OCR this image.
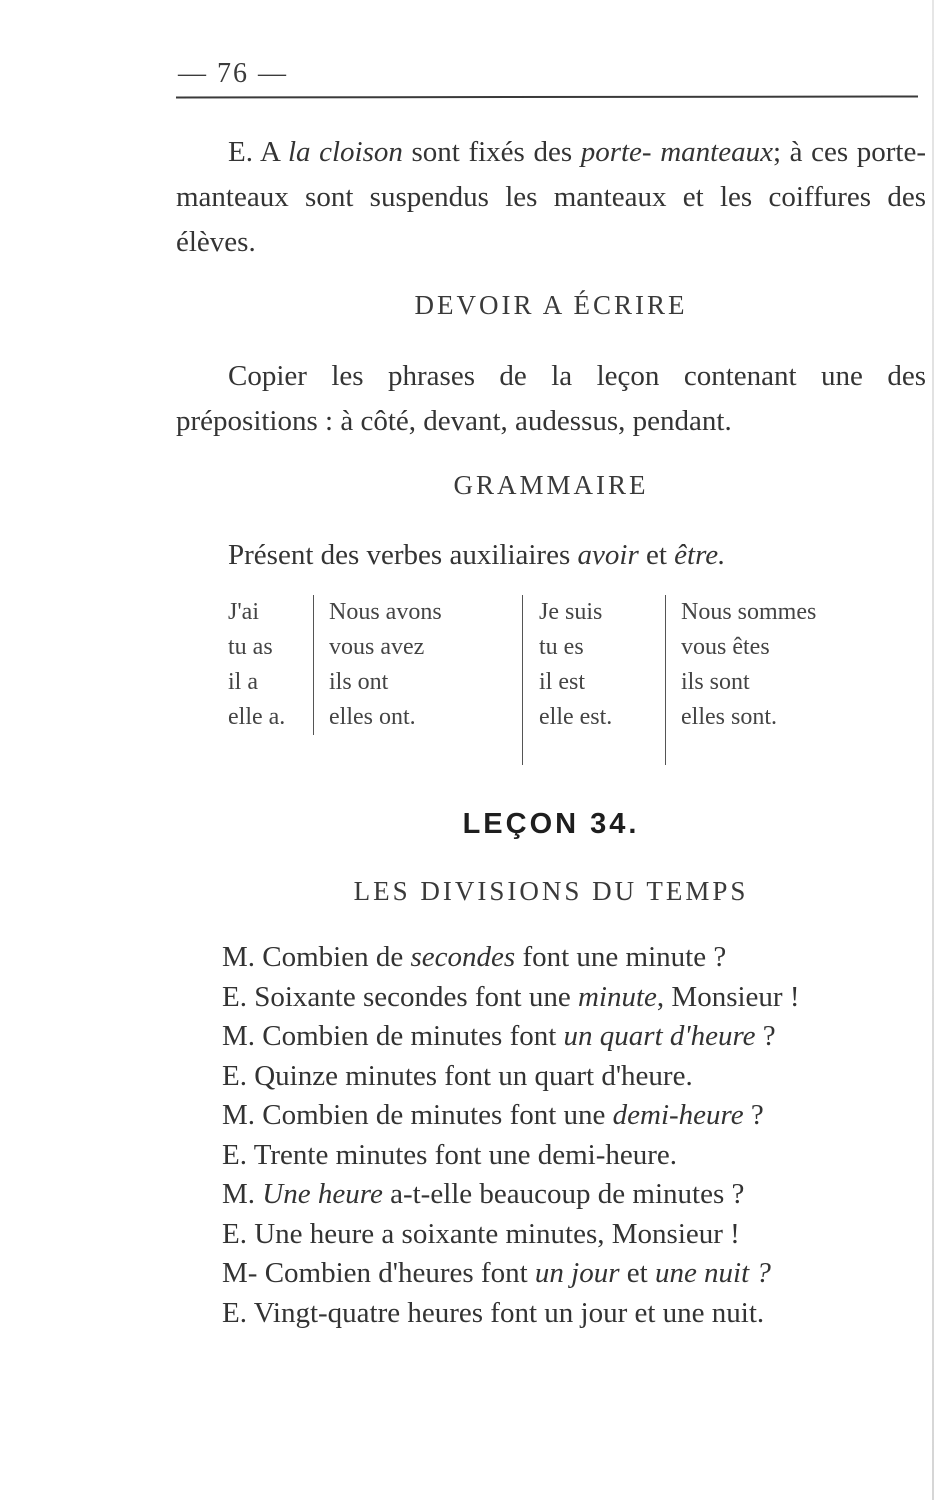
— 76 —

E. A la cloison sont fixés des porte- manteaux; à ces porte-manteaux sont suspendus les manteaux et les coiffures des élèves.

DEVOIR A ÉCRIRE

Copier les phrases de la leçon contenant une des prépositions : à côté, devant, audessus, pendant.

GRAMMAIRE

Présent des verbes auxiliaires avoir et être.

J'ai
tu as
il a
elle a.
Nous avons
vous avez
ils ont
elles ont.
Je suis
tu es
il est
elle est.
Nous sommes
vous êtes
ils sont
elles sont.
LEÇON 34.
LES DIVISIONS DU TEMPS
M. Combien de secondes font une minute ?
E. Soixante secondes font une minute, Monsieur !
M. Combien de minutes font un quart d'heure ?
E. Quinze minutes font un quart d'heure.
M. Combien de minutes font une demi-heure ?
E. Trente minutes font une demi-heure.
M. Une heure a-t-elle beaucoup de minutes ?
E. Une heure a soixante minutes, Monsieur !
M- Combien d'heures font un jour et une nuit ?
E. Vingt-quatre heures font un jour et une nuit.
